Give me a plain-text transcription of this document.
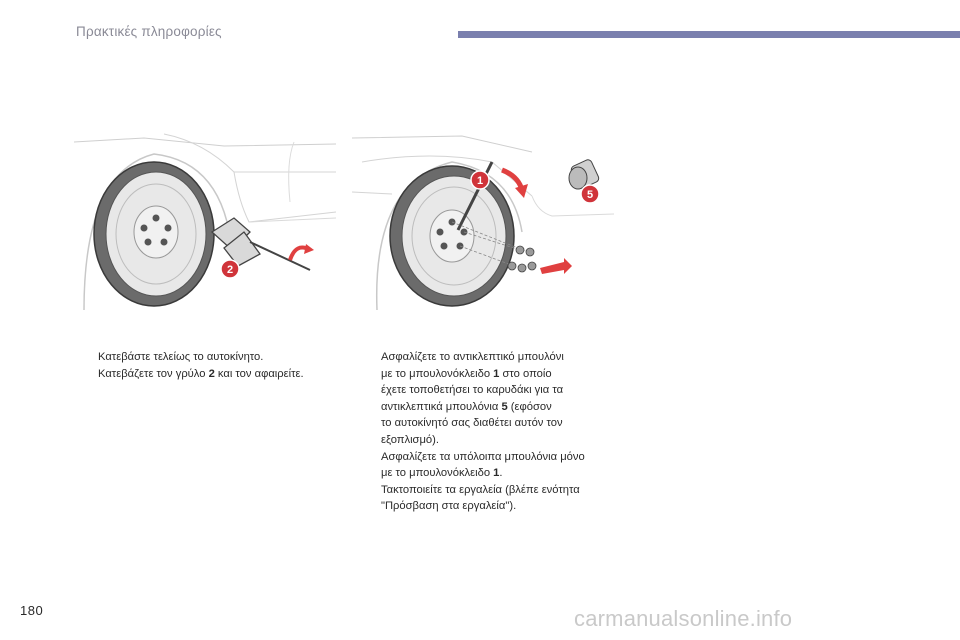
Πρακτικές πληροφορίες
2
1
5
Κατεβάστε τελείως το αυτοκίνητο.
Κατεβάζετε τον γρύλο 2 και τον αφαιρείτε.
Ασφαλίζετε το αντικλεπτικό μπουλόνι
με το μπουλονόκλειδο 1 στο οποίο
έχετε τοποθετήσει το καρυδάκι για τα
αντικλεπτικά μπουλόνια 5 (εφόσον
το αυτοκίνητό σας διαθέτει αυτόν τον
εξοπλισμό).
Ασφαλίζετε τα υπόλοιπα μπουλόνια μόνο
με το μπουλονόκλειδο 1.
Τακτοποιείτε τα εργαλεία (βλέπε ενότητα
"Πρόσβαση στα εργαλεία").
180	carmanualsonline.info
